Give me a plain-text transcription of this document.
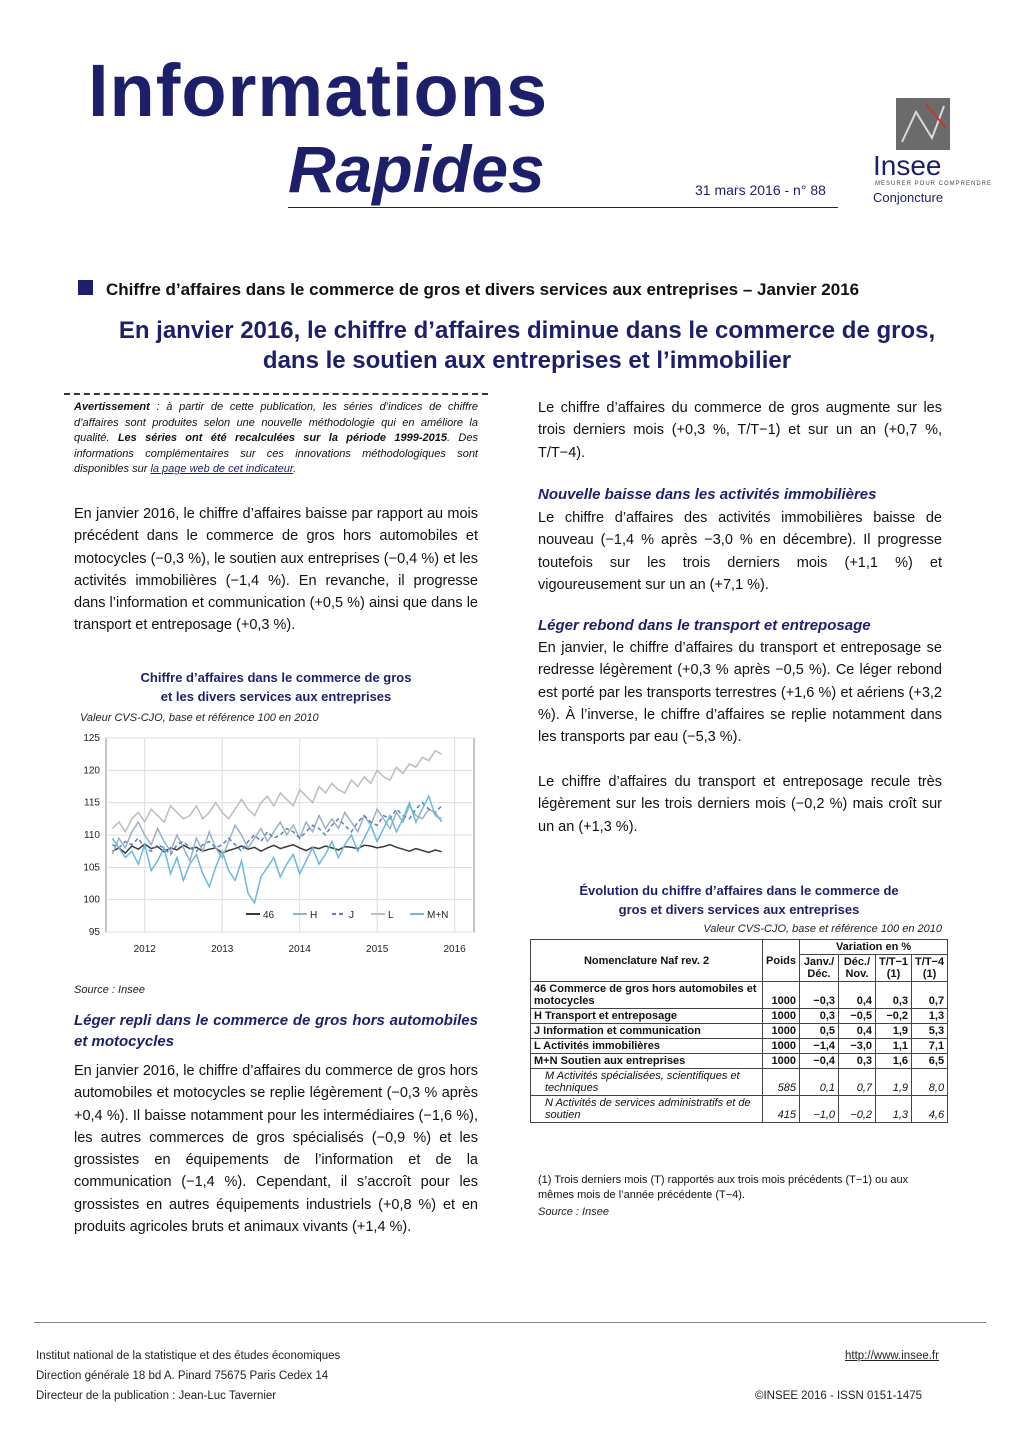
Informations
Rapides	31 mars 2016 - n° 88
Insee
MESURER POUR COMPRENDRE
Conjoncture
Chiffre d’affaires dans le commerce de gros et divers services aux entreprises – Janvier 2016
En janvier 2016, le chiffre d’affaires diminue dans le commerce de gros,
dans le soutien aux entreprises et l’immobilier
Avertissement : à partir de cette publication, les séries d’indices de chiffre d’affaires sont produites selon une nouvelle méthodologie qui en améliore la qualité. Les séries ont été recalculées sur la période 1999-2015. Des informations complémentaires sur ces innovations méthodologiques sont disponibles sur la page web de cet indicateur.
En janvier 2016, le chiffre d’affaires baisse par rapport au mois précédent dans le commerce de gros hors automobiles et motocycles (−0,3 %), le soutien aux entreprises (−0,4 %) et les activités immobilières (−1,4 %). En revanche, il progresse dans l’information et communication (+0,5 %) ainsi que dans le transport et entreposage (+0,3 %).
Chiffre d’affaires dans le commerce de gros
et les divers services aux entreprises
Valeur CVS-CJO, base et référence 100 en 2010
95
100
105
110
115
120
125
2012	2013	2014	2015	2016
46	H	J	L	M+N
Source : Insee
Léger repli dans le commerce de gros hors automobiles et motocycles
En janvier 2016, le chiffre d’affaires du commerce de gros hors automobiles et motocycles se replie légèrement (−0,3 % après +0,4 %). Il baisse notamment pour les intermédiaires (−1,6 %), les autres commerces de gros spécialisés (−0,9 %) et les grossistes en équipements de l’information et de la communication (−1,4 %). Cependant, il s’accroît pour les grossistes en autres équipements industriels (+0,8 %) et en produits agricoles bruts et animaux vivants (+1,4 %).
Le chiffre d’affaires du commerce de gros augmente sur les trois derniers mois (+0,3 %, T/T−1) et sur un an (+0,7 %, T/T−4).
Nouvelle baisse dans les activités immobilières
Le chiffre d’affaires des activités immobilières baisse de nouveau (−1,4 % après −3,0 % en décembre). Il progresse toutefois sur les trois derniers mois (+1,1 %) et vigoureusement sur un an (+7,1 %).
Léger rebond dans le transport et entreposage
En janvier, le chiffre d’affaires du transport et entreposage se redresse légèrement (+0,3 % après −0,5 %). Ce léger rebond est porté par les transports terrestres (+1,6 %) et aériens (+3,2 %). À l’inverse, le chiffre d’affaires se replie notamment dans les transports par eau (−5,3 %).
Le chiffre d’affaires du transport et entreposage recule très légèrement sur les trois derniers mois (−0,2 %) mais croît sur un an (+1,3 %).
Évolution du chiffre d’affaires dans le commerce de
gros et divers services aux entreprises
Valeur CVS-CJO, base et référence 100 en 2010
Nomenclature Naf rev. 2	Poids	Variation en %			
		Janv./ Déc.	Déc./ Nov.	T/T−1 (1)	T/T−4 (1)
46 Commerce de gros hors automobiles et motocycles	1000	−0,3	0,4	0,3	0,7
H Transport et entreposage	1000	0,3	−0,5	−0,2	1,3
J Information et communication	1000	0,5	0,4	1,9	5,3
L Activités immobilières	1000	−1,4	−3,0	1,1	7,1
M+N Soutien aux entreprises	1000	−0,4	0,3	1,6	6,5
M Activités spécialisées, scientifiques et techniques	585	0,1	0,7	1,9	8,0
N Activités de services administratifs et de soutien	415	−1,0	−0,2	1,3	4,6
(1) Trois derniers mois (T) rapportés aux trois mois précédents (T−1) ou aux mêmes mois de l’année précédente (T−4).
Source : Insee
Institut national de la statistique et des études économiques
Direction générale 18 bd A. Pinard 75675 Paris Cedex 14
Directeur de la publication : Jean-Luc Tavernier
http://www.insee.fr
©INSEE 2016 - ISSN 0151-1475
